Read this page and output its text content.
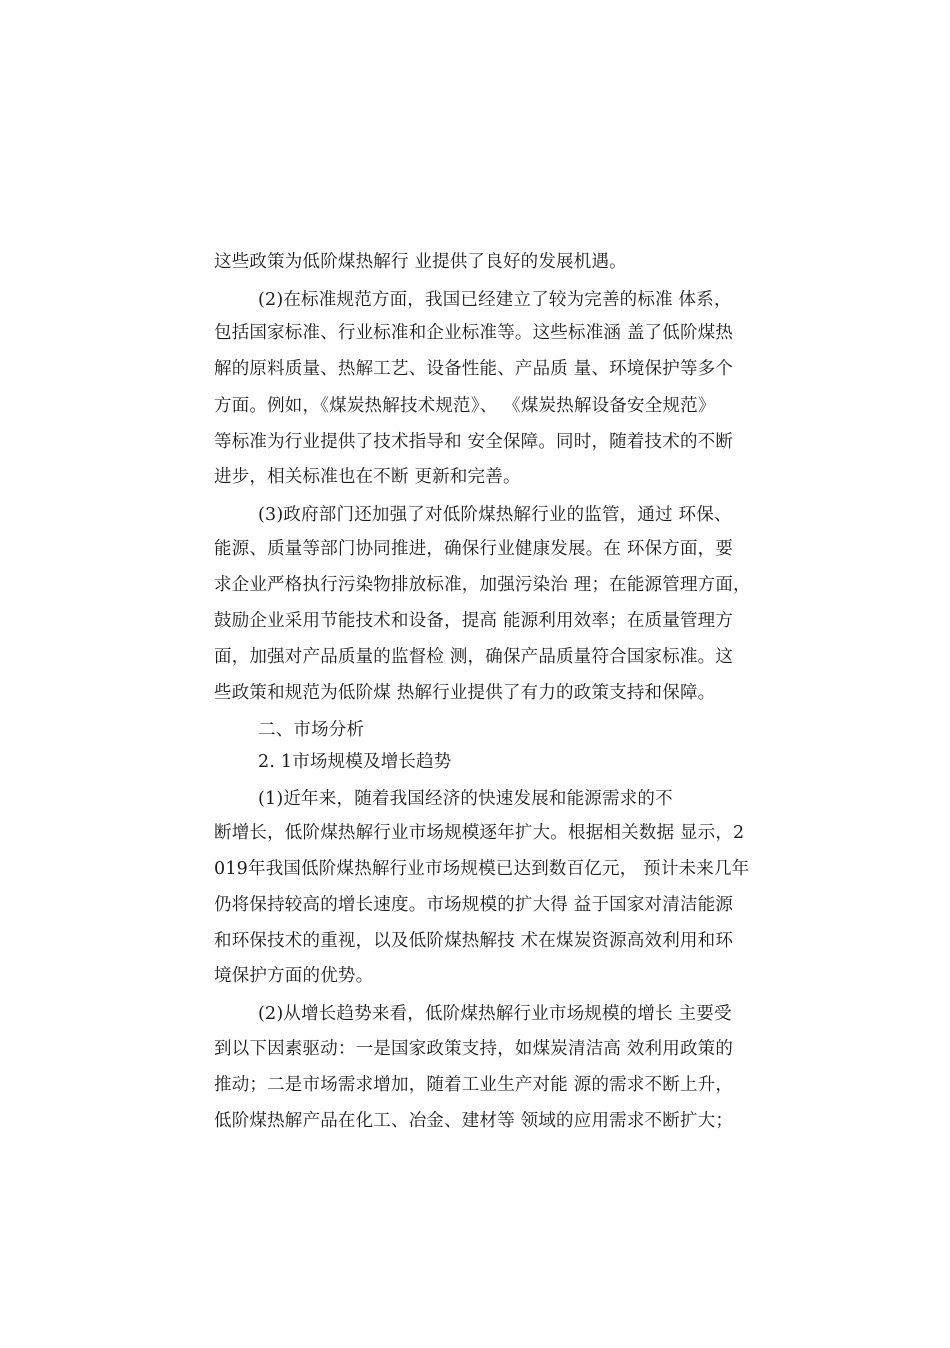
这些政策为低阶煤热解行 业提供了良好的发展机遇。
(2)在标准规范方面，我国已经建立了较为完善的标准 体系，
包括国家标准、行业标准和企业标准等。这些标准涵 盖了低阶煤热
解的原料质量、热解工艺、设备性能、产品质 量、环境保护等多个
方面。例如，《煤炭热解技术规范》、 《煤炭热解设备安全规范》
等标准为行业提供了技术指导和 安全保障。同时，随着技术的不断
进步，相关标准也在不断 更新和完善。
(3)政府部门还加强了对低阶煤热解行业的监管，通过 环保、
能源、质量等部门协同推进，确保行业健康发展。在 环保方面，要
求企业严格执行污染物排放标准，加强污染治 理；在能源管理方面，
鼓励企业采用节能技术和设备，提高 能源利用效率；在质量管理方
面，加强对产品质量的监督检 测，确保产品质量符合国家标准。这
些政策和规范为低阶煤 热解行业提供了有力的政策支持和保障。
二、市场分析
2. 1市场规模及增长趋势
(1)近年来，随着我国经济的快速发展和能源需求的不
断增长，低阶煤热解行业市场规模逐年扩大。根据相关数据 显示，2
019年我国低阶煤热解行业市场规模已达到数百亿元， 预计未来几年
仍将保持较高的增长速度。市场规模的扩大得 益于国家对清洁能源
和环保技术的重视，以及低阶煤热解技 术在煤炭资源高效利用和环
境保护方面的优势。
(2)从增长趋势来看，低阶煤热解行业市场规模的增长 主要受
到以下因素驱动：一是国家政策支持，如煤炭清洁高 效利用政策的
推动；二是市场需求增加，随着工业生产对能 源的需求不断上升，
低阶煤热解产品在化工、冶金、建材等 领域的应用需求不断扩大；
